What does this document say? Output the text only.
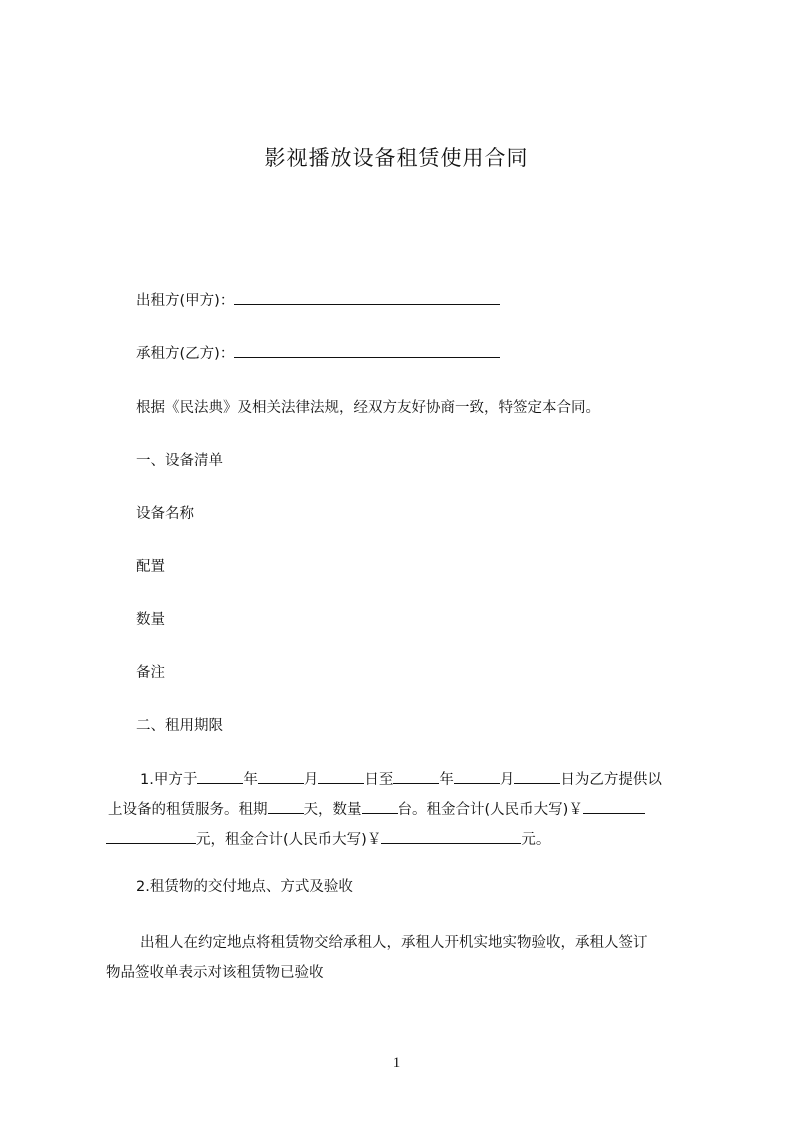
影视播放设备租赁使用合同
出租方(甲方)：
承租方(乙方)：
根据《民法典》及相关法律法规，经双方友好协商一致，特签定本合同。
一、设备清单
设备名称
配置
数量
备注
二、租用期限
1.甲方于	年	月	日至	年	月	日为乙方提供以
上设备的租赁服务。租期 天，数量 台。租金合计(人民币大写)￥
元，租金合计(人民币大写)￥	元。
2.租赁物的交付地点、方式及验收
出租人在约定地点将租赁物交给承租人，承租人开机实地实物验收，承租人签订
物品签收单表示对该租赁物已验收
1
